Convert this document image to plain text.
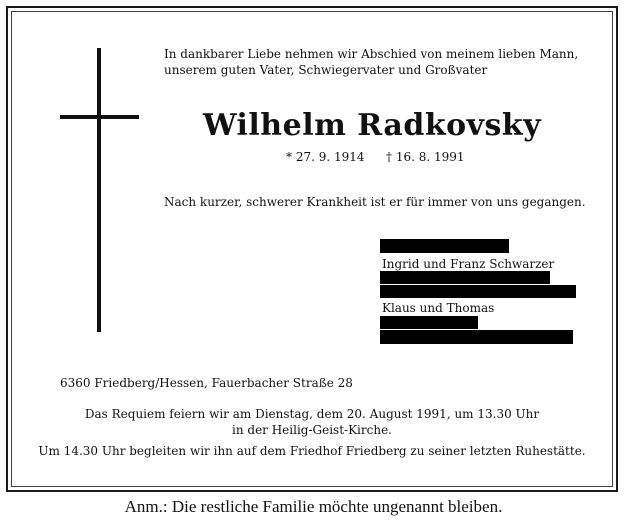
In dankbarer Liebe nehmen wir Abschied von meinem lieben Mann,
unserem guten Vater, Schwiegervater und Großvater
Wilhelm Radkovsky
* 27. 9. 1914 † 16. 8. 1991
Nach kurzer, schwerer Krankheit ist er für immer von uns gegangen.
Ingrid und Franz Schwarzer
Klaus und Thomas
6360 Friedberg/Hessen, Fauerbacher Straße 28
Das Requiem feiern wir am Dienstag, dem 20. August 1991, um 13.30 Uhr
in der Heilig-Geist-Kirche.
Um 14.30 Uhr begleiten wir ihn auf dem Friedhof Friedberg zu seiner letzten Ruhestätte.
Anm.: Die restliche Familie möchte ungenannt bleiben.
